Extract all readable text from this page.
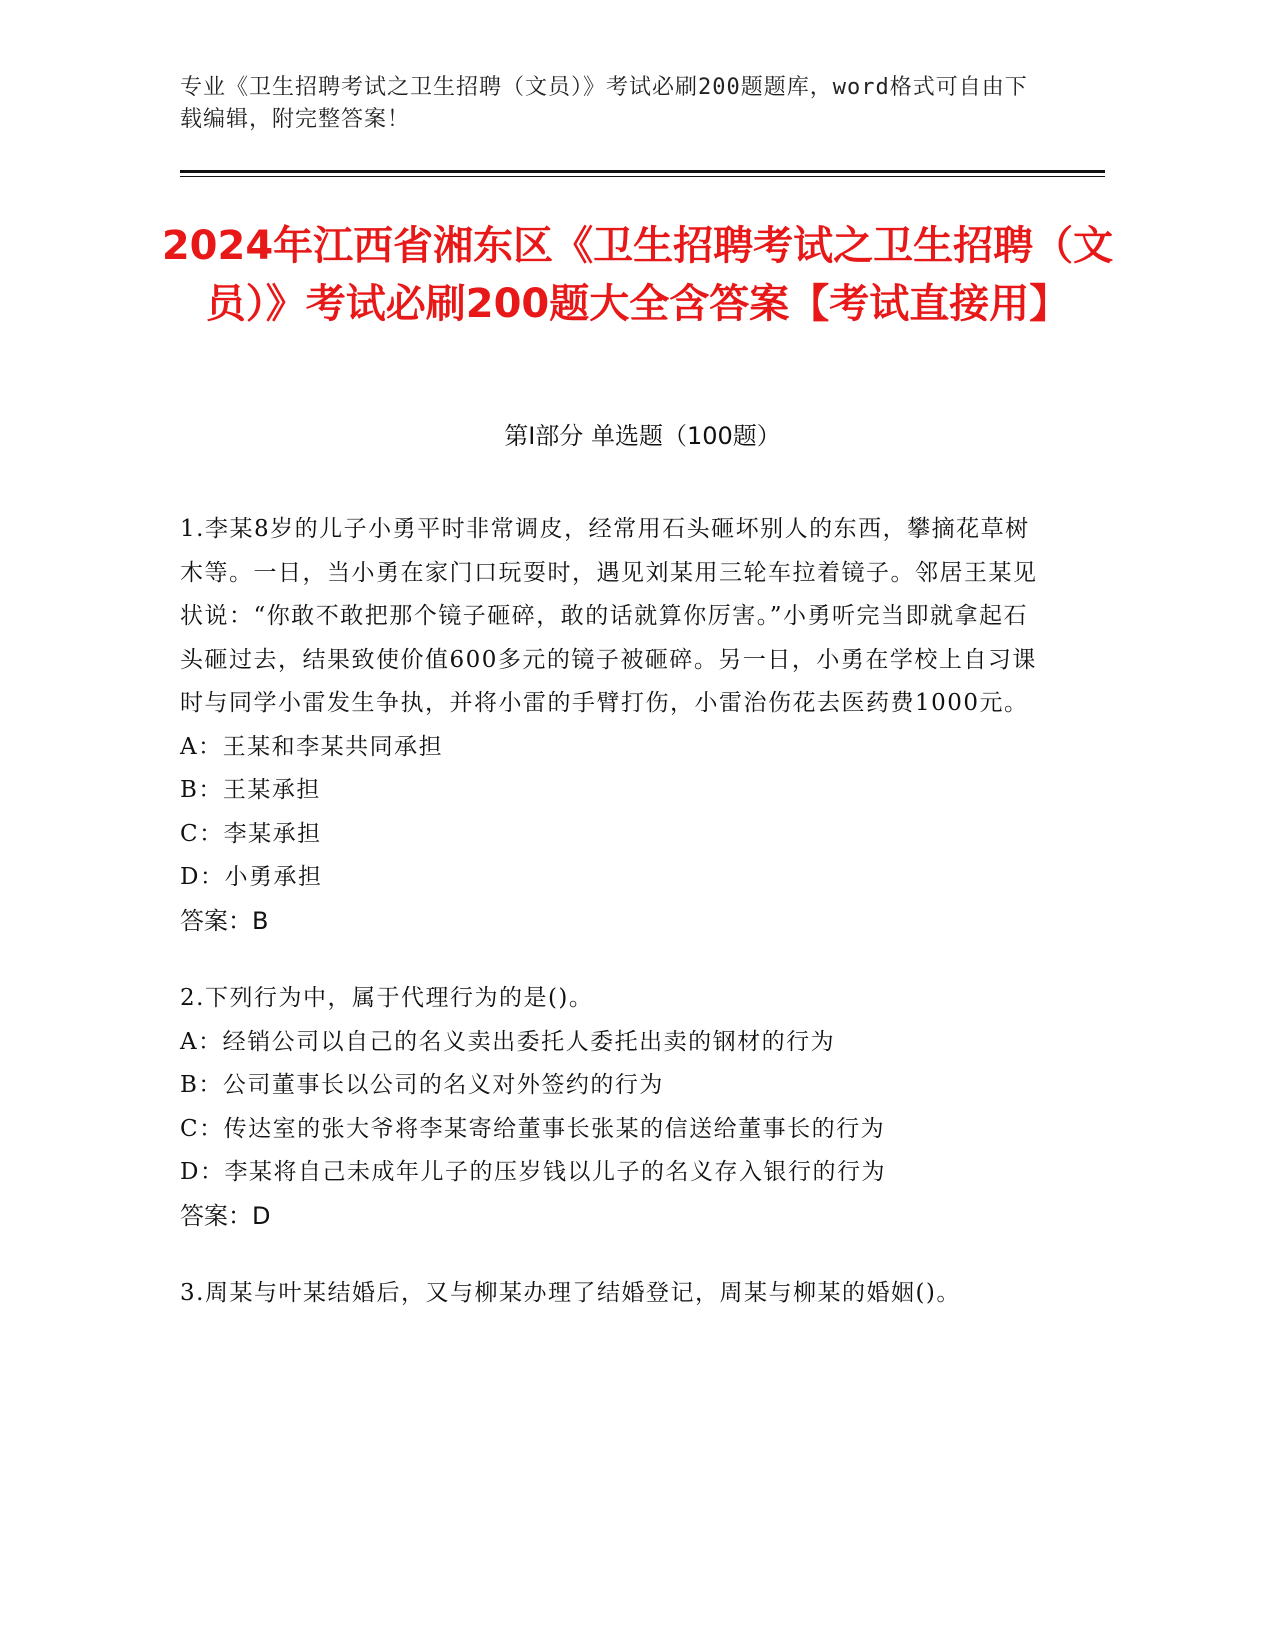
专业《卫生招聘考试之卫生招聘（文员）》考试必刷200题题库，word格式可自由下载编辑，附完整答案！
2024年江西省湘东区《卫生招聘考试之卫生招聘（文员）》考试必刷200题大全含答案【考试直接用】
第I部分 单选题（100题）

1.李某8岁的儿子小勇平时非常调皮，经常用石头砸坏别人的东西，攀摘花草树木等。一日，当小勇在家门口玩耍时，遇见刘某用三轮车拉着镜子。邻居王某见状说：“你敢不敢把那个镜子砸碎，敢的话就算你厉害。”小勇听完当即就拿起石头砸过去，结果致使价值600多元的镜子被砸碎。另一日，小勇在学校上自习课时与同学小雷发生争执，并将小雷的手臂打伤，小雷治伤花去医药费1000元。

A：王某和李某共同承担

B：王某承担

C：李某承担

D：小勇承担

答案：B

2.下列行为中，属于代理行为的是()。

A：经销公司以自己的名义卖出委托人委托出卖的钢材的行为

B：公司董事长以公司的名义对外签约的行为

C：传达室的张大爷将李某寄给董事长张某的信送给董事长的行为

D：李某将自己未成年儿子的压岁钱以儿子的名义存入银行的行为

答案：D

3.周某与叶某结婚后，又与柳某办理了结婚登记，周某与柳某的婚姻()。
